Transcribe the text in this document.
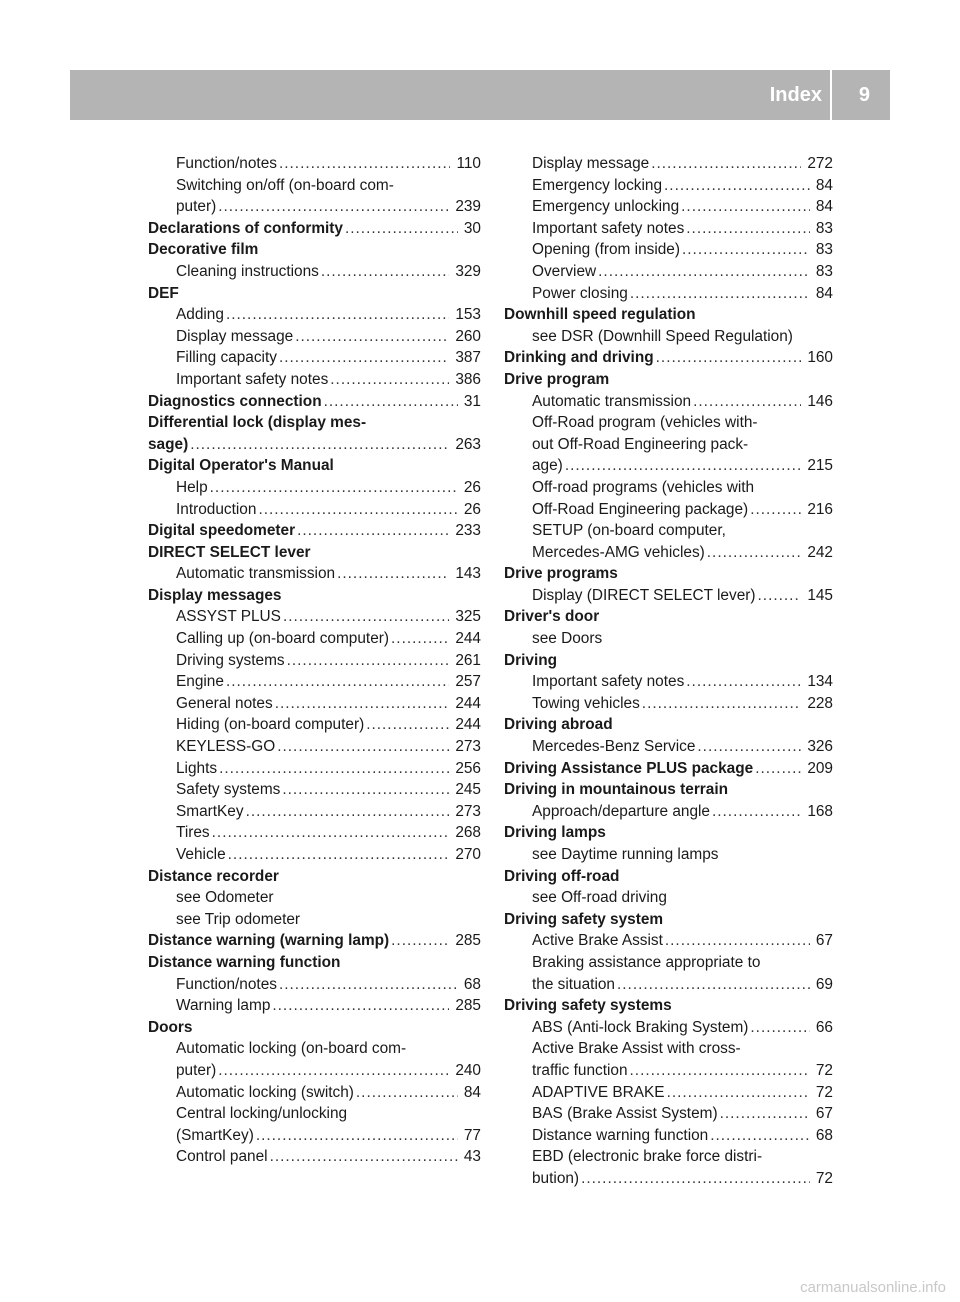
Index 9
Function/notes .....	110
Switching on/off (on-board com-
puter) .....	239
Declarations of conformity .....	30
Decorative film
Cleaning instructions .....	329
DEF
Adding .....	153
Display message .....	260
Filling capacity .....	387
Important safety notes .....	386
Diagnostics connection .....	31
Differential lock (display mes-
sage) .....	263
Digital Operator's Manual
Help .....	26
Introduction .....	26
Digital speedometer .....	233
DIRECT SELECT lever
Automatic transmission .....	143
Display messages
ASSYST PLUS .....	325
Calling up (on-board computer) .....	244
Driving systems .....	261
Engine .....	257
General notes .....	244
Hiding (on-board computer) .....	244
KEYLESS-GO .....	273
Lights .....	256
Safety systems .....	245
SmartKey .....	273
Tires .....	268
Vehicle .....	270
Distance recorder
see Odometer
see Trip odometer
Distance warning (warning lamp) .....	285
Distance warning function
Function/notes .....	68
Warning lamp .....	285
Doors
Automatic locking (on-board com-
puter) .....	240
Automatic locking (switch) .....	84
Central locking/unlocking
(SmartKey) .....	77
Control panel .....	43
Display message .....	272
Emergency locking .....	84
Emergency unlocking .....	84
Important safety notes .....	83
Opening (from inside) .....	83
Overview .....	83
Power closing .....	84
Downhill speed regulation
see DSR (Downhill Speed Regulation)
Drinking and driving .....	160
Drive program
Automatic transmission .....	146
Off-Road program (vehicles with-
out Off-Road Engineering pack-
age) .....	215
Off-road programs (vehicles with
Off-Road Engineering package) .....	216
SETUP (on-board computer,
Mercedes-AMG vehicles) .....	242
Drive programs
Display (DIRECT SELECT lever) .....	145
Driver's door
see Doors
Driving
Important safety notes .....	134
Towing vehicles .....	228
Driving abroad
Mercedes-Benz Service .....	326
Driving Assistance PLUS package .....	209
Driving in mountainous terrain
Approach/departure angle .....	168
Driving lamps
see Daytime running lamps
Driving off-road
see Off-road driving
Driving safety system
Active Brake Assist .....	67
Braking assistance appropriate to
the situation .....	69
Driving safety systems
ABS (Anti-lock Braking System) .....	66
Active Brake Assist with cross-
traffic function .....	72
ADAPTIVE BRAKE .....	72
BAS (Brake Assist System) .....	67
Distance warning function .....	68
EBD (electronic brake force distri-
bution) .....	72
carmanualsonline.info
